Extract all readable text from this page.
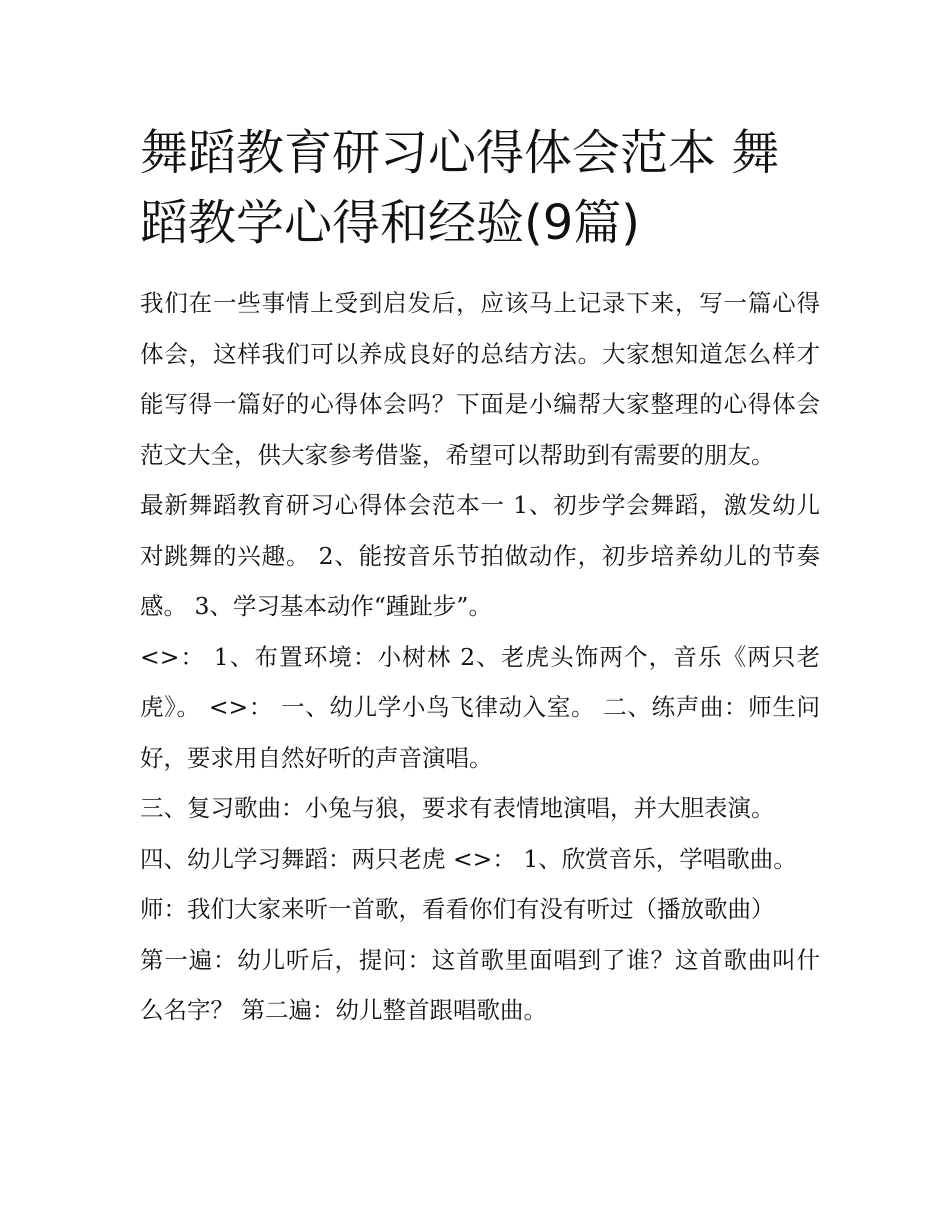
舞蹈教育研习心得体会范本 舞蹈教学心得和经验(9篇)

我们在一些事情上受到启发后，应该马上记录下来，写一篇心得体会，这样我们可以养成良好的总结方法。大家想知道怎么样才能写得一篇好的心得体会吗？下面是小编帮大家整理的心得体会范文大全，供大家参考借鉴，希望可以帮助到有需要的朋友。

最新舞蹈教育研习心得体会范本一 1、初步学会舞蹈，激发幼儿对跳舞的兴趣。 2、能按音乐节拍做动作，初步培养幼儿的节奏感。 3、学习基本动作“踵趾步”。

<>： 1、布置环境：小树林 2、老虎头饰两个，音乐《两只老虎》。 <>： 一、幼儿学小鸟飞律动入室。 二、练声曲：师生问好，要求用自然好听的声音演唱。

三、复习歌曲：小兔与狼，要求有表情地演唱，并大胆表演。

四、幼儿学习舞蹈：两只老虎 <>： 1、欣赏音乐，学唱歌曲。

师：我们大家来听一首歌，看看你们有没有听过（播放歌曲）

第一遍：幼儿听后，提问：这首歌里面唱到了谁？这首歌曲叫什么名字？ 第二遍：幼儿整首跟唱歌曲。
